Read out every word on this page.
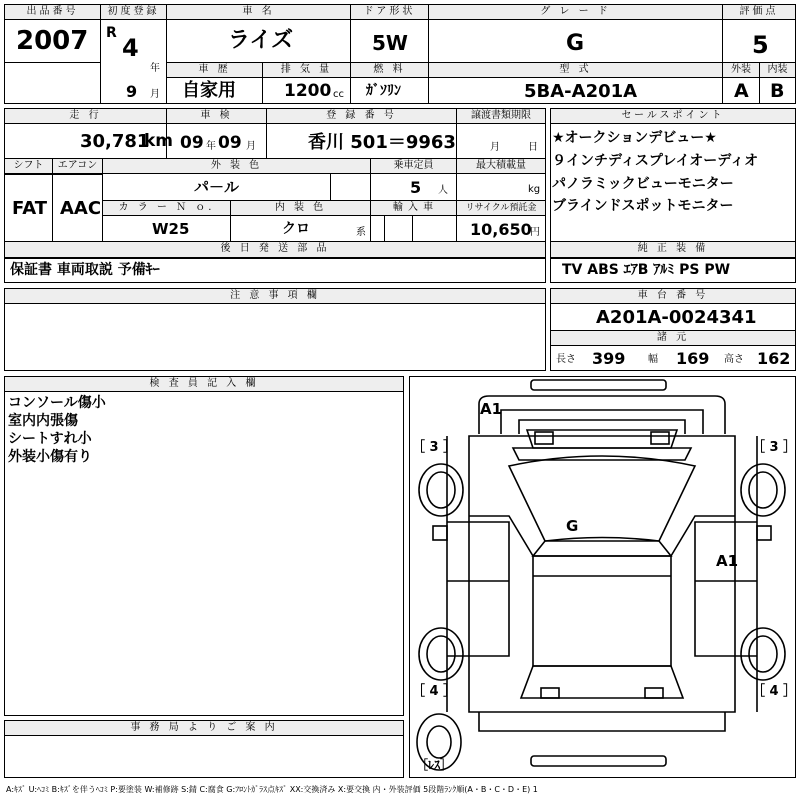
出品番号
2007
初度登録
R
4
年
9 月
車 名
ライズ
ドア形状
5W
グ レ ー ド
G
評価点
5
車 歴
自家用
排 気 量
1200 cc
燃 料
ｶﾞｿﾘﾝ
型 式
5BA-A201A
外装	内装
A B
走 行
30,781
km
車 検
09 年 09 月
登 録 番 号
香川 501＝9963
譲渡書類期限
月	日
シフト
FAT
エアコン
AAC
外 装 色
パ－ル
乗車定員
5 人
最大積載量
kg
カ ラ ー Ｎ ｏ.
W25
内 装 色
クロ	系
輸 入 車	リサイクル預託金
10,650
円
後 日 発 送 部 品
保証書 車両取説 予備ｷｰ
セールスポイント
★オークションデビュー★
９インチディスプレイオーディオ
パノラミックビューモニター
ブラインドスポットモニター
純 正 装 備
TV ABS ｴｱB ｱﾙﾐ PS PW
注 意 事 項 欄	車 台 番 号
A201A-0024341
諸 元
長さ 399 幅 169 高さ 162
検 査 員 記 入 欄
コンソール傷小
室内内張傷
シートすれ小
外装小傷有り
事 務 局 よ り ご 案 内
A1
G
A1
［ 3 ］	［ 3 ］
［ 4 ］	［ 4 ］
［ﾚｽ］
A:ｷｽﾞ U:ﾍｺﾐ B:ｷｽﾞを伴うﾍｺﾐ P:要塗装 W:補修跡 S:錆 C:腐食 G:ﾌﾛﾝﾄｶﾞﾗｽ点ｷｽﾞ XX:交換済み X:要交換 内・外装評価 5段階ﾗﾝｸ順(A・B・C・D・E) 1
